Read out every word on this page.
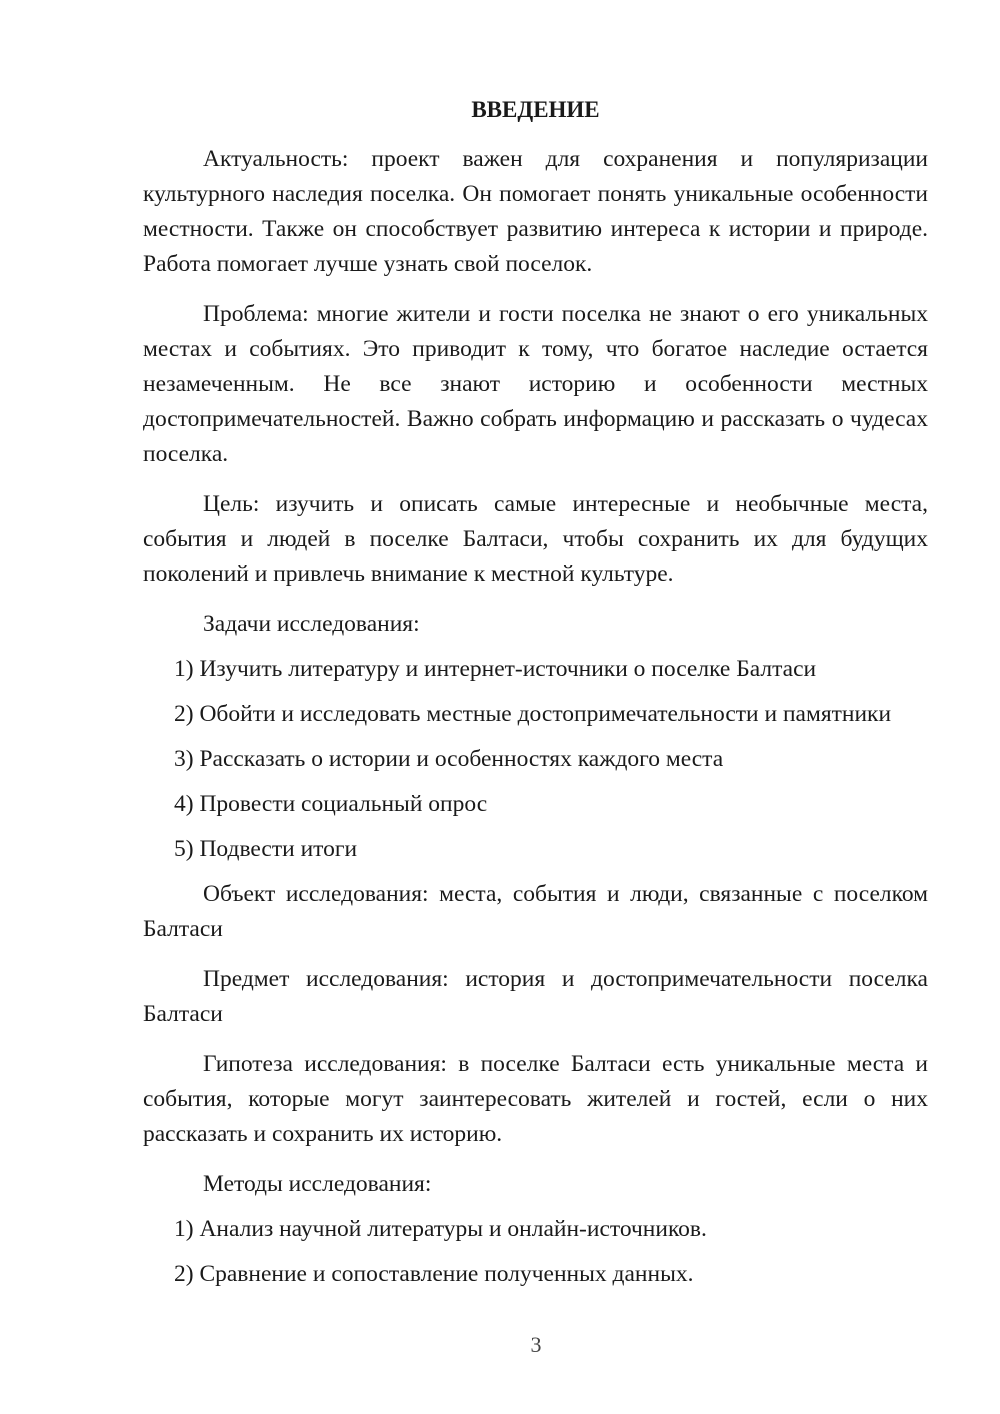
ВВЕДЕНИЕ

Актуальность: проект важен для сохранения и популяризации культурного наследия поселка. Он помогает понять уникальные особенности местности. Также он способствует развитию интереса к истории и природе. Работа помогает лучше узнать свой поселок.

Проблема: многие жители и гости поселка не знают о его уникальных местах и событиях. Это приводит к тому, что богатое наследие остается незамеченным. Не все знают историю и особенности местных достопримечательностей. Важно собрать информацию и рассказать о чудесах поселка.

Цель: изучить и описать самые интересные и необычные места, события и людей в поселке Балтаси, чтобы сохранить их для будущих поколений и привлечь внимание к местной культуре.

Задачи исследования:

1) Изучить литературу и интернет-источники о поселке Балтаси

2) Обойти и исследовать местные достопримечательности и памятники

3) Рассказать о истории и особенностях каждого места

4) Провести социальный опрос

5) Подвести итоги

Объект исследования: места, события и люди, связанные с поселком Балтаси

Предмет исследования: история и достопримечательности поселка Балтаси

Гипотеза исследования: в поселке Балтаси есть уникальные места и события, которые могут заинтересовать жителей и гостей, если о них рассказать и сохранить их историю.

Методы исследования:

1) Анализ научной литературы и онлайн-источников.

2) Сравнение и сопоставление полученных данных.

3
